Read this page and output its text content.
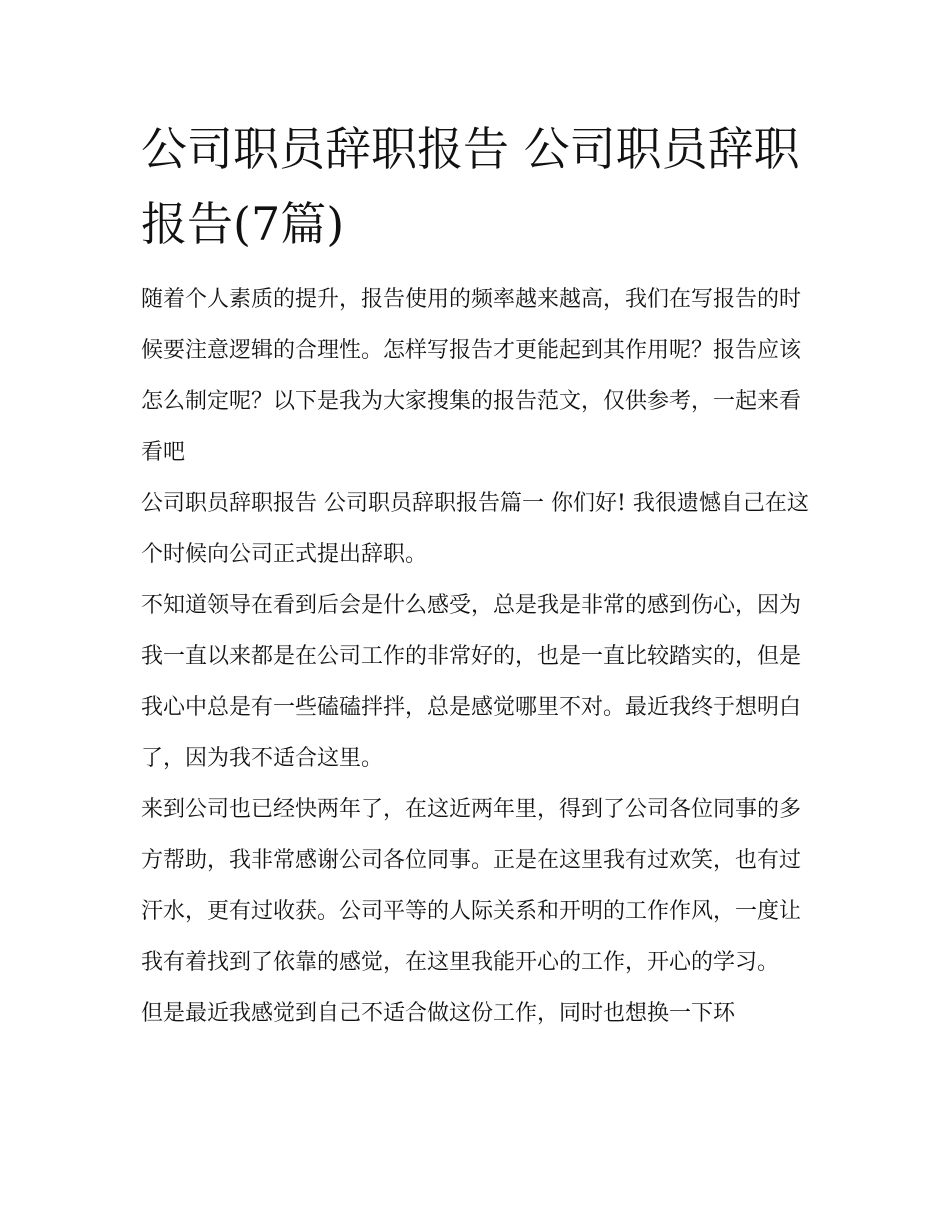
公司职员辞职报告 公司职员辞职报告(7篇)

随着个人素质的提升，报告使用的频率越来越高，我们在写报告的时候要注意逻辑的合理性。怎样写报告才更能起到其作用呢？报告应该怎么制定呢？以下是我为大家搜集的报告范文，仅供参考，一起来看看吧

公司职员辞职报告 公司职员辞职报告篇一 你们好! 我很遗憾自己在这个时候向公司正式提出辞职。

不知道领导在看到后会是什么感受，总是我是非常的感到伤心，因为我一直以来都是在公司工作的非常好的，也是一直比较踏实的，但是我心中总是有一些磕磕拌拌，总是感觉哪里不对。最近我终于想明白了，因为我不适合这里。

来到公司也已经快两年了，在这近两年里，得到了公司各位同事的多方帮助，我非常感谢公司各位同事。正是在这里我有过欢笑，也有过汗水，更有过收获。公司平等的人际关系和开明的工作作风，一度让我有着找到了依靠的感觉，在这里我能开心的工作，开心的学习。

但是最近我感觉到自己不适合做这份工作，同时也想换一下环
